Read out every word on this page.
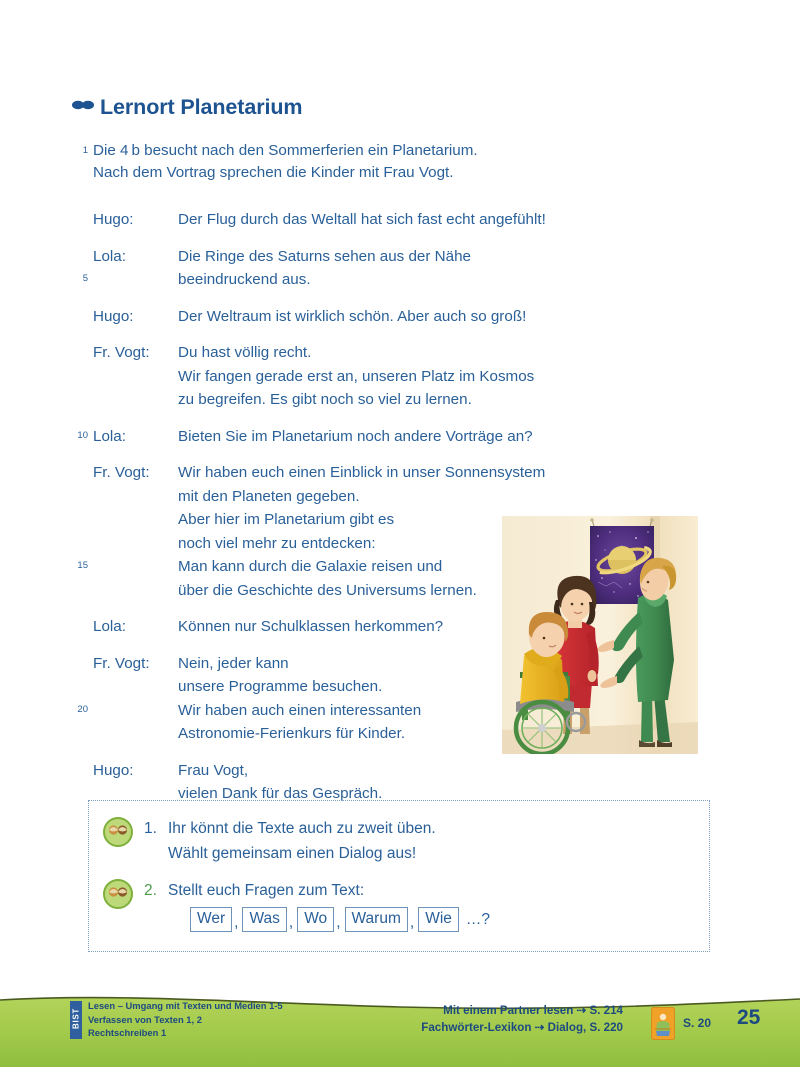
Lernort Planetarium
1 Die 4 b besucht nach den Sommerferien ein Planetarium.
Nach dem Vortrag sprechen die Kinder mit Frau Vogt.
Hugo:	Der Flug durch das Weltall hat sich fast echt angefühlt!
Lola:	Die Ringe des Saturns sehen aus der Nähe
5	beeindruckend aus.
Hugo:	Der Weltraum ist wirklich schön. Aber auch so groß!
Fr. Vogt:	Du hast völlig recht.
Wir fangen gerade erst an, unseren Platz im Kosmos
zu begreifen. Es gibt noch so viel zu lernen.
10 Lola:	Bieten Sie im Planetarium noch andere Vorträge an?
Fr. Vogt:	Wir haben euch einen Einblick in unser Sonnensystem
mit den Planeten gegeben.
Aber hier im Planetarium gibt es
noch viel mehr zu entdecken:
15	Man kann durch die Galaxie reisen und
über die Geschichte des Universums lernen.
Lola:	Können nur Schulklassen herkommen?
Fr. Vogt:	Nein, jeder kann
unsere Programme besuchen.
20	Wir haben auch einen interessanten
Astronomie-Ferienkurs für Kinder.
Hugo:	Frau Vogt,
vielen Dank für das Gespräch.
1. Ihr könnt die Texte auch zu zweit üben.
Wählt gemeinsam einen Dialog aus!
2. Stellt euch Fragen zum Text:
Wer , Was , Wo , Warum , Wie …?
BIST
Lesen – Umgang mit Texten und Medien 1-5
Verfassen von Texten 1, 2
Rechtschreiben 1
Mit einem Partner lesen ⇢ S. 214
Fachwörter-Lexikon ⇢ Dialog, S. 220	S. 20 25
